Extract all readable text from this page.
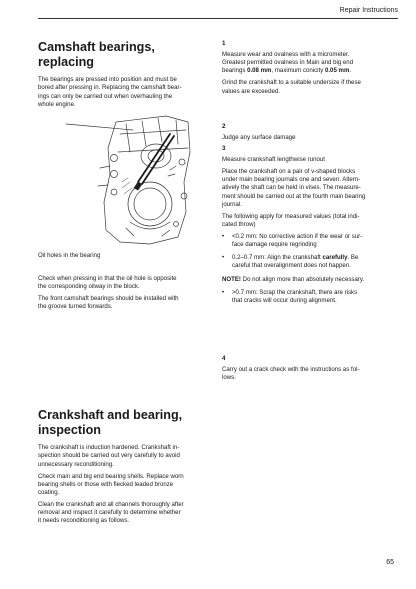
Repair Instructions
Camshaft bearings, replacing

The bearings are pressed into position and must be
bored after pressing in. Replacing the camshaft bear-
ings can only be carried out when overhauling the
whole engine.

Oil holes in the bearing

Check when pressing in that the oil hole is opposite
the corresponding oilway in the block.

The front camshaft bearings should be installed with
the groove turned forwards.

Crankshaft and bearing,
inspection

The crankshaft is induction hardened. Crankshaft in-
spection should be carried out very carefully to avoid
unnecessary reconditioning.

Check main and big end bearing shells. Replace worn
bearing shells or those with flecked leaded bronze
coating.

Clean the crankshaft and all channels thoroughly after
removal and inspect it carefully to determine whether
it needs reconditioning as follows.

1

Measure wear and ovalness with a micrometer.
Greatest permitted ovalness in Main and big end
bearings 0.08 mm, maximum conicity 0.05 mm.

Grind the crankshaft to a suitable undersize if these
values are exceeded.

2

Judge any surface damage

3

Measure crankshaft lengthwise runout

Place the crankshaft on a pair of v-shaped blocks
under main bearing journals one and seven. Altern-
atively the shaft can be held in vises. The measure-
ment should be carried out at the fourth main bearing
journal.

The following apply for measured values (total indi-
cated throw)

•	<0.2 mm: No corrective action if the wear or sur-
face damage require regrinding
•	0.2–0.7 mm: Align the crankshaft carefully. Be
careful that overalignment does not happen.

NOTE! Do not align more than absolutely necessary.

•	>0.7 mm: Scrap the crankshaft, there are risks
that cracks will occur during alignment.
4

Carry out a crack check with the instructions as fol-
lows.

65
